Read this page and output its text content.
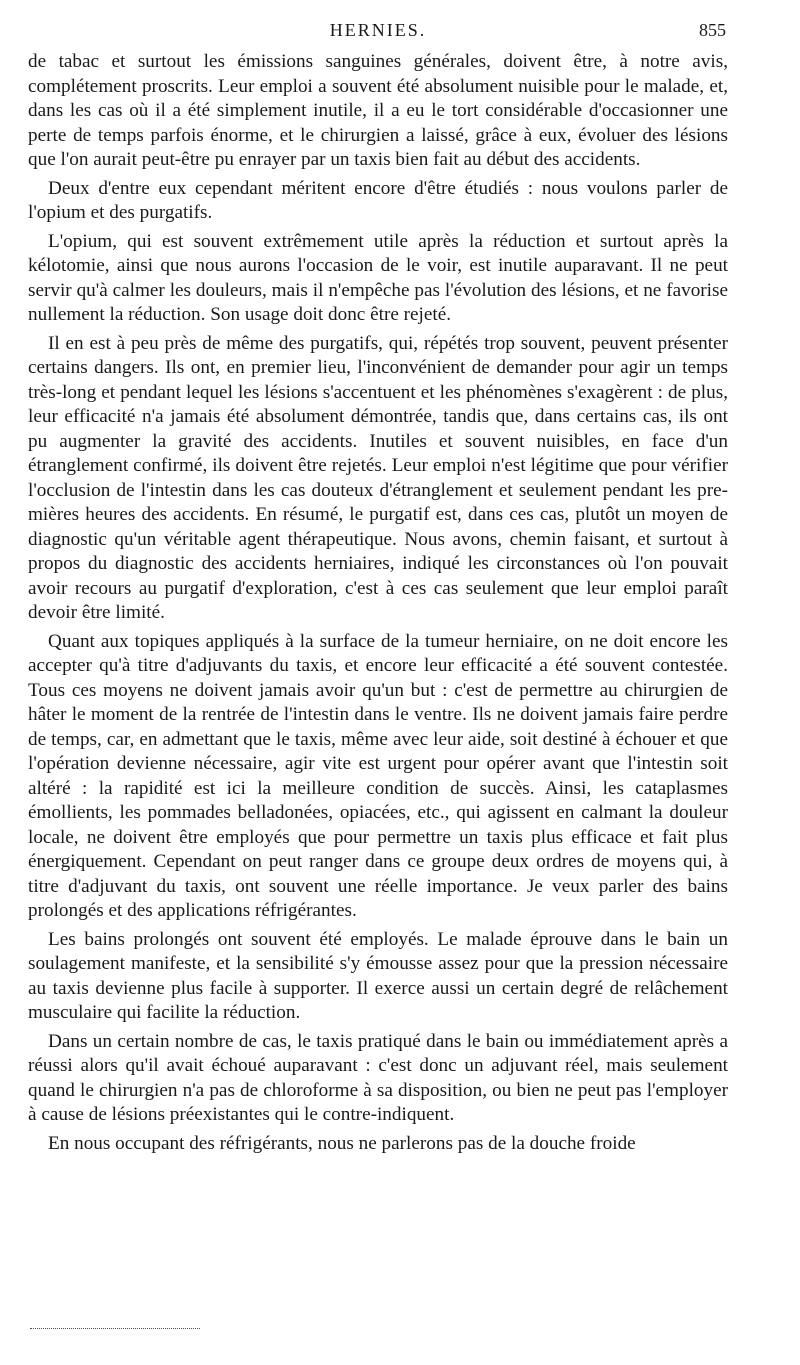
HERNIES.	855

de tabac et surtout les émissions sanguines générales, doivent être, à notre avis, complétement proscrits. Leur emploi a souvent été absolument nuisible pour le malade, et, dans les cas où il a été simplement inutile, il a eu le tort considérable d'occasionner une perte de temps parfois énorme, et le chirurgien a laissé, grâce à eux, évoluer des lésions que l'on aurait peut-être pu enrayer par un taxis bien fait au début des accidents.

Deux d'entre eux cependant méritent encore d'être étudiés : nous voulons parler de l'opium et des purgatifs.

L'opium, qui est souvent extrêmement utile après la réduction et surtout après la kélotomie, ainsi que nous aurons l'occasion de le voir, est inutile auparavant. Il ne peut servir qu'à calmer les douleurs, mais il n'empêche pas l'évolution des lésions, et ne favorise nullement la réduction. Son usage doit donc être rejeté.

Il en est à peu près de même des purgatifs, qui, répétés trop souvent, peuvent présenter certains dangers. Ils ont, en premier lieu, l'inconvénient de demander pour agir un temps très-long et pendant lequel les lésions s'accentuent et les phénomènes s'exagèrent : de plus, leur efficacité n'a jamais été absolument démontrée, tandis que, dans certains cas, ils ont pu augmenter la gravité des accidents. Inutiles et souvent nuisibles, en face d'un étranglement confirmé, ils doivent être rejetés. Leur emploi n'est légitime que pour vérifier l'occlusion de l'intestin dans les cas douteux d'étranglement et seulement pendant les premières heures des accidents. En résumé, le purgatif est, dans ces cas, plutôt un moyen de diagnostic qu'un véritable agent thérapeutique. Nous avons, chemin faisant, et surtout à propos du diagnostic des accidents herniaires, indiqué les circonstances où l'on pouvait avoir recours au purgatif d'exploration, c'est à ces cas seulement que leur emploi paraît devoir être limité.

Quant aux topiques appliqués à la surface de la tumeur herniaire, on ne doit encore les accepter qu'à titre d'adjuvants du taxis, et encore leur efficacité a été souvent contestée. Tous ces moyens ne doivent jamais avoir qu'un but : c'est de permettre au chirurgien de hâter le moment de la rentrée de l'intestin dans le ventre. Ils ne doivent jamais faire perdre de temps, car, en admettant que le taxis, même avec leur aide, soit destiné à échouer et que l'opération devienne nécessaire, agir vite est urgent pour opérer avant que l'intestin soit altéré : la rapidité est ici la meilleure condition de succès. Ainsi, les cataplasmes émollients, les pommades belladonées, opiacées, etc., qui agissent en calmant la douleur locale, ne doivent être employés que pour permettre un taxis plus efficace et fait plus énergiquement. Cependant on peut ranger dans ce groupe deux ordres de moyens qui, à titre d'adjuvant du taxis, ont souvent une réelle importance. Je veux parler des bains prolongés et des applications réfrigérantes.

Les bains prolongés ont souvent été employés. Le malade éprouve dans le bain un soulagement manifeste, et la sensibilité s'y émousse assez pour que la pression nécessaire au taxis devienne plus facile à supporter. Il exerce aussi un certain degré de relâchement musculaire qui facilite la réduction.

Dans un certain nombre de cas, le taxis pratiqué dans le bain ou immédiatement après a réussi alors qu'il avait échoué auparavant : c'est donc un adjuvant réel, mais seulement quand le chirurgien n'a pas de chloroforme à sa disposition, ou bien ne peut pas l'employer à cause de lésions préexistantes qui le contre-indiquent.

En nous occupant des réfrigérants, nous ne parlerons pas de la douche froide
